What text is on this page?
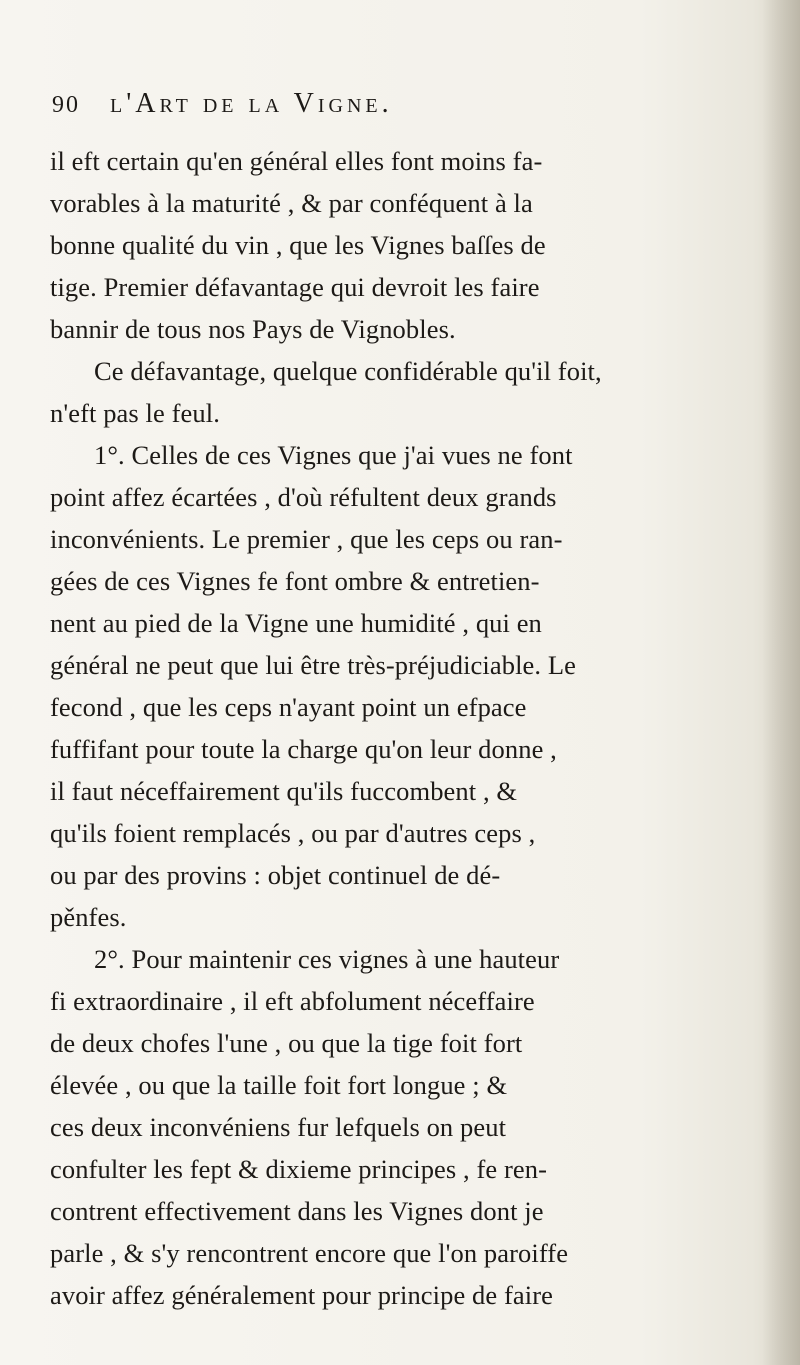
90 l'Art de la Vigne.
il eft certain qu'en général elles font moins fa-
vorables à la maturité , & par conféquent à la
bonne qualité du vin , que les Vignes baſſes de
tige. Premier défavantage qui devroit les faire
bannir de tous nos Pays de Vignobles.
Ce défavantage, quelque confidérable qu'il foit,
n'eft pas le feul.
1°. Celles de ces Vignes que j'ai vues ne font
point affez écartées , d'où réfultent deux grands
inconvénients. Le premier , que les ceps ou ran-
gées de ces Vignes fe font ombre & entretien-
nent au pied de la Vigne une humidité , qui en
général ne peut que lui être très-préjudiciable. Le
fecond , que les ceps n'ayant point un efpace
fuffifant pour toute la charge qu'on leur donne ,
il faut néceffairement qu'ils fuccombent , &
qu'ils foient remplacés , ou par d'autres ceps ,
ou par des provins : objet continuel de dé-
pěnfes.
2°. Pour maintenir ces vignes à une hauteur
fi extraordinaire , il eft abfolument néceffaire
de deux chofes l'une , ou que la tige foit fort
élevée , ou que la taille foit fort longue ; &
ces deux inconvéniens fur lefquels on peut
confulter les fept & dixieme principes , fe ren-
contrent effectivement dans les Vignes dont je
parle , & s'y rencontrent encore que l'on paroiffe
avoir affez généralement pour principe de faire
